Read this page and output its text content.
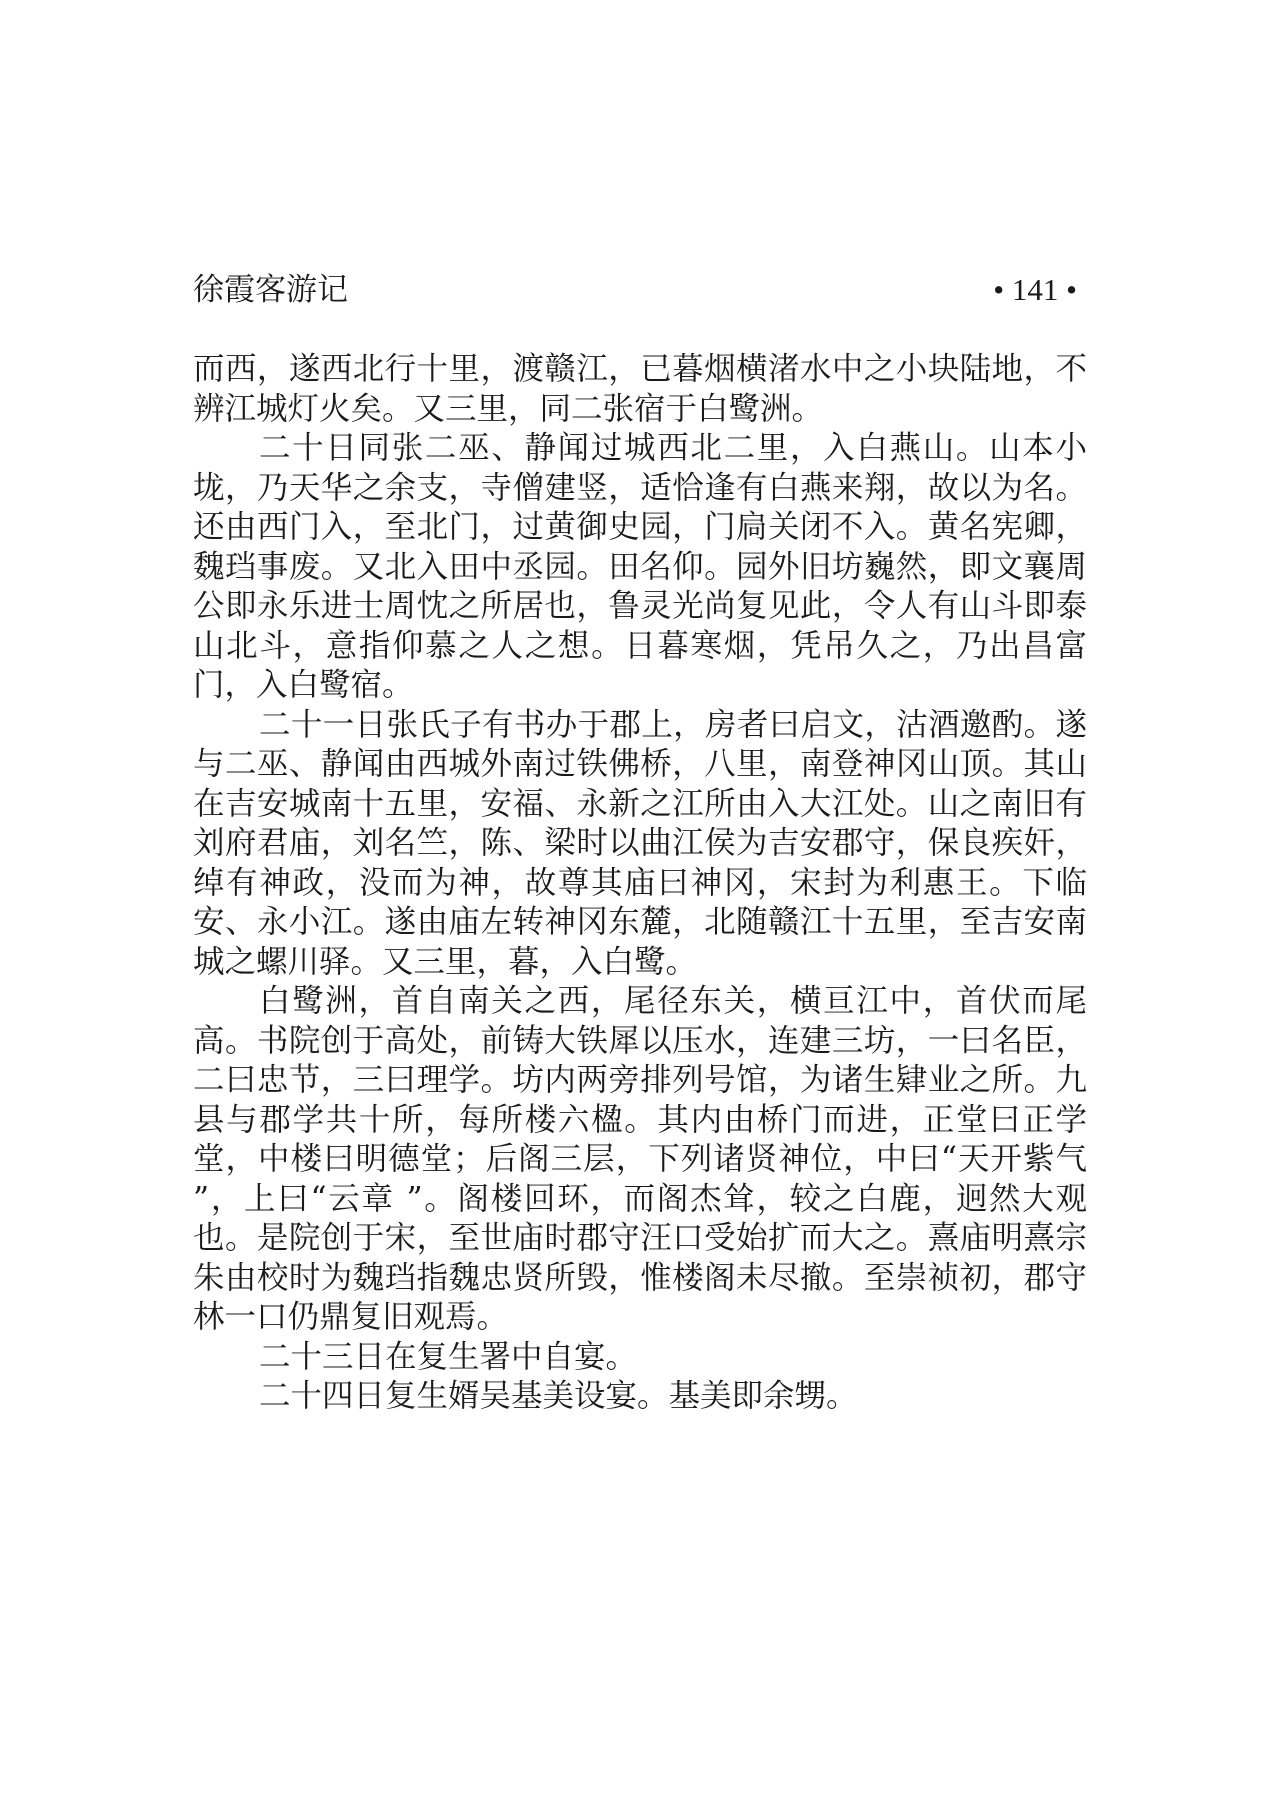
徐霞客游记	• 141 •

而西，遂西北行十里，渡赣江，已暮烟横渚水中之小块陆地，不辨江城灯火矣。又三里，同二张宿于白鹭洲。

二十日同张二巫、静闻过城西北二里，入白燕山。山本小垅，乃天华之余支，寺僧建竖，适恰逢有白燕来翔，故以为名。还由西门入，至北门，过黄御史园，门扃关闭不入。黄名宪卿，魏珰事废。又北入田中丞园。田名仰。园外旧坊巍然，即文襄周公即永乐进士周忱之所居也，鲁灵光尚复见此，令人有山斗即泰山北斗，意指仰慕之人之想。日暮寒烟，凭吊久之，乃出昌富门，入白鹭宿。

二十一日张氏子有书办于郡上，房者曰启文，沽酒邀酌。遂与二巫、静闻由西城外南过铁佛桥，八里，南登神冈山顶。其山在吉安城南十五里，安福、永新之江所由入大江处。山之南旧有刘府君庙，刘名竺，陈、梁时以曲江侯为吉安郡守，保良疾奸，绰有神政，没而为神，故尊其庙曰神冈，宋封为利惠王。下临安、永小江。遂由庙左转神冈东麓，北随赣江十五里，至吉安南城之螺川驿。又三里，暮，入白鹭。

白鹭洲，首自南关之西，尾径东关，横亘江中，首伏而尾高。书院创于高处，前铸大铁犀以压水，连建三坊，一曰名臣，二曰忠节，三曰理学。坊内两旁排列号馆，为诸生肄业之所。九县与郡学共十所，每所楼六楹。其内由桥门而进，正堂曰正学堂，中楼曰明德堂；后阁三层，下列诸贤神位，中曰“天开紫气 ”，上曰“云章 ”。阁楼回环，而阁杰耸，较之白鹿，迥然大观也。是院创于宋，至世庙时郡守汪口受始扩而大之。熹庙明熹宗朱由校时为魏珰指魏忠贤所毁，惟楼阁未尽撤。至崇祯初，郡守林一口仍鼎复旧观焉。

二十三日在复生署中自宴。

二十四日复生婿吴基美设宴。基美即余甥。
